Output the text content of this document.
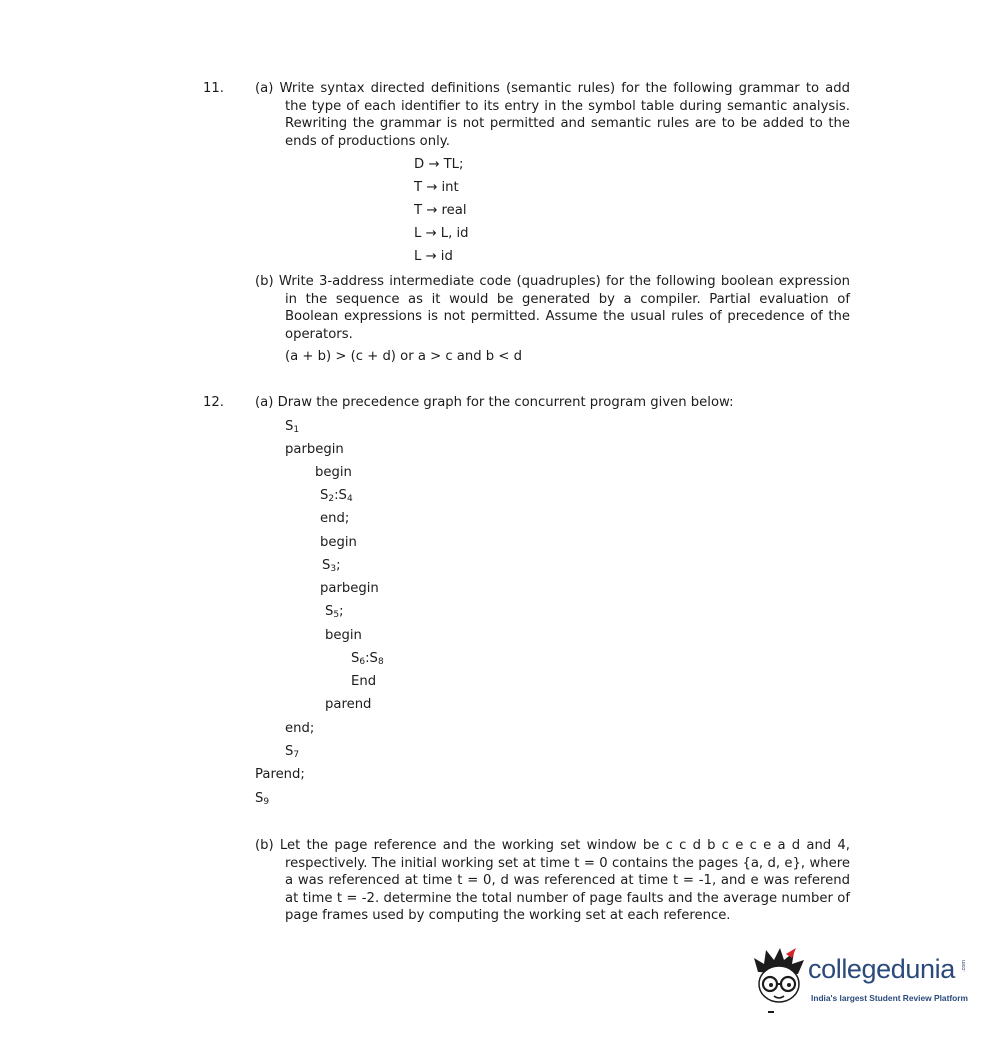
11. (a) Write syntax directed definitions (semantic rules) for the following grammar to add the type of each identifier to its entry in the symbol table during semantic analysis. Rewriting the grammar is not permitted and semantic rules are to be added to the ends of productions only.

D → TL;

T → int

T → real

L → L, id

L → id

(b) Write 3-address intermediate code (quadruples) for the following boolean expression in the sequence as it would be generated by a compiler. Partial evaluation of Boolean expressions is not permitted. Assume the usual rules of precedence of the operators.

(a + b) > (c + d) or a > c and b < d

12. (a) Draw the precedence graph for the concurrent program given below:

$S_1$

parbegin

begin

$S_2:S_4$

end;

begin

$S_3$;

parbegin

$S_5$;

begin

$S_6:S_8$

End

parend

end;

$S_7$

Parend;

$S_9$

(b) Let the page reference and the working set window be c c d b c e c e a d and 4, respectively. The initial working set at time t = 0 contains the pages {a, d, e}, where a was referenced at time t = 0, d was referenced at time t = -1, and e was referend at time t = -2. determine the total number of page faults and the average number of page frames used by computing the working set at each reference.

collegedunia .com
India's largest Student Review Platform
